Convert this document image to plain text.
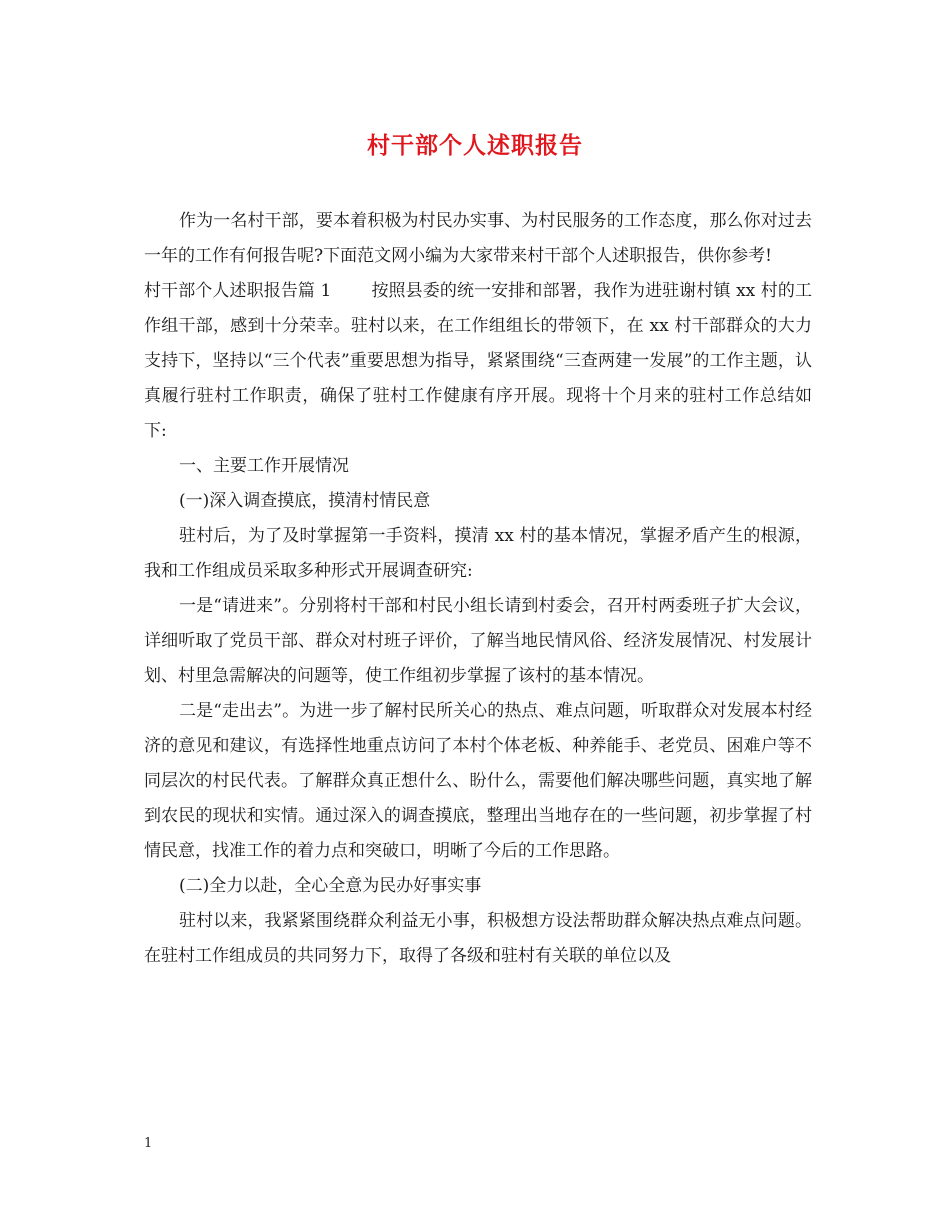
村干部个人述职报告

作为一名村干部，要本着积极为村民办实事、为村民服务的工作态度，那么你对过去一年的工作有何报告呢?下面范文网小编为大家带来村干部个人述职报告，供你参考!

村干部个人述职报告篇 1 按照县委的统一安排和部署，我作为进驻谢村镇 xx 村的工作组干部，感到十分荣幸。驻村以来，在工作组组长的带领下，在 xx 村干部群众的大力支持下，坚持以“三个代表”重要思想为指导，紧紧围绕“三查两建一发展”的工作主题，认真履行驻村工作职责，确保了驻村工作健康有序开展。现将十个月来的驻村工作总结如下:

一、主要工作开展情况

(一)深入调查摸底，摸清村情民意

驻村后，为了及时掌握第一手资料，摸清 xx 村的基本情况，掌握矛盾产生的根源，我和工作组成员采取多种形式开展调查研究:

一是“请进来”。分别将村干部和村民小组长请到村委会，召开村两委班子扩大会议，详细听取了党员干部、群众对村班子评价，了解当地民情风俗、经济发展情况、村发展计划、村里急需解决的问题等，使工作组初步掌握了该村的基本情况。

二是“走出去”。为进一步了解村民所关心的热点、难点问题，听取群众对发展本村经济的意见和建议，有选择性地重点访问了本村个体老板、种养能手、老党员、困难户等不同层次的村民代表。了解群众真正想什么、盼什么，需要他们解决哪些问题，真实地了解到农民的现状和实情。通过深入的调查摸底，整理出当地存在的一些问题，初步掌握了村情民意，找准工作的着力点和突破口，明晰了今后的工作思路。

(二)全力以赴，全心全意为民办好事实事

驻村以来，我紧紧围绕群众利益无小事，积极想方设法帮助群众解决热点难点问题。在驻村工作组成员的共同努力下，取得了各级和驻村有关联的单位以及

1
